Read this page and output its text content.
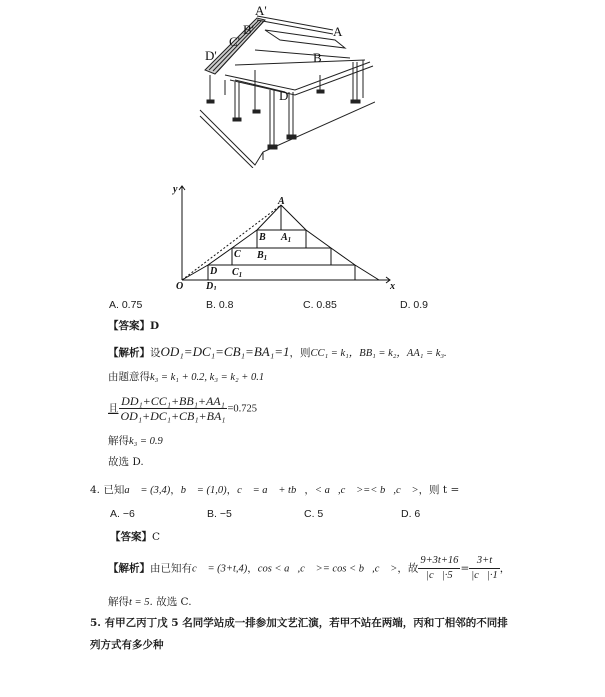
A'
B'
C'
D'
A
B
D
y
x
O
A
B $A_1$
C $B_1$
D $C_1$
$D_1$
A. 0.75	B. 0.8	C. 0.85	D. 0.9
【答案】D
【解析】设OD₁=DC₁=CB₁=BA₁=1，则CC₁ = k₁，BB₁ = k₂，AA₁ = k₃.
由题意得k₃ = k₁ + 0.2, k₃ = k₂ + 0.1
且 $\frac{\text{DD₁+CC₁+BB₁+AA₁}}{\text{OD₁+DC₁+CB₁+BA₁}} =0.725$
解得k₃ = 0.9
故选 D.
4. 已知a⃗ = (3,4)，b⃗ = (1,0)，c⃗ = a⃗ + tb⃗，< a⃗,c⃗ >=< b⃗,c⃗ >，则 t =
A. −6	B. −5	C. 5	D. 6
【答案】C
【解析】由已知有c⃗ = (3+t,4)，cos < a⃗,c⃗ >= cos < b⃗,c⃗ >，故 $\frac{9+3t+16}{|c⃗|\cdot 5} = \frac{3+t}{|c⃗|\cdot 1}$ ，
解得t = 5. 故选 C.
5. 有甲乙丙丁戊 5 名同学站成一排参加文艺汇演，若甲不站在两端，丙和丁相邻的不同排
列方式有多少种
